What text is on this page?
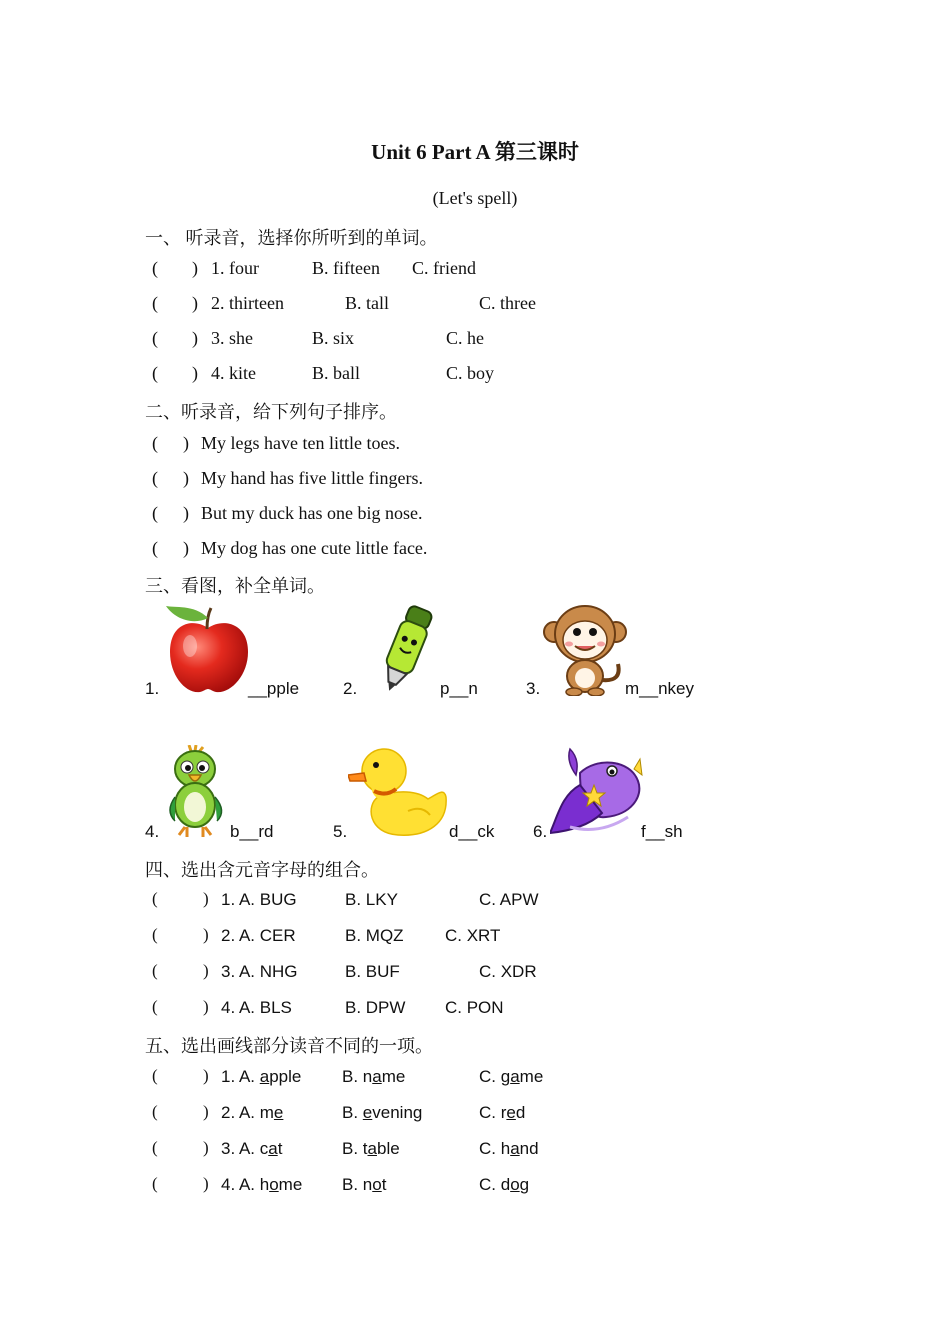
Unit 6 Part A 第三课时
(Let's spell)
一、 听录音，选择你所听到的单词。
( ) 1. four	B. fifteen C. friend
( ) 2. thirteen	B. tall	C. three
( ) 3. she	B. six	C. he
( ) 4. kite	B. ball	C. boy
二、听录音，给下列句子排序。
( ) My legs have ten little toes.
( ) My hand has five little fingers.
( ) But my duck has one big nose.
( ) My dog has one cute little face.
三、看图，补全单词。
1.	__pple	2.	p__n	3.	m__nkey
4.	b__rd	5.	d__ck 6.	f__sh
四、选出含元音字母的组合。
(	) 1. A. BUG	B. LKY	C. APW
(	) 2. A. CER	B. MQZ C. XRT
(	) 3. A. NHG	B. BUF	C. XDR
(	) 4. A. BLS	B. DPW C. PON
五、选出画线部分读音不同的一项。
(	) 1. A. apple B. name	C. game
(	) 2. A. me	B. evening	C. red
(	) 3. A. cat	B. table	C. hand
(	) 4. A. home B. not	C. dog
